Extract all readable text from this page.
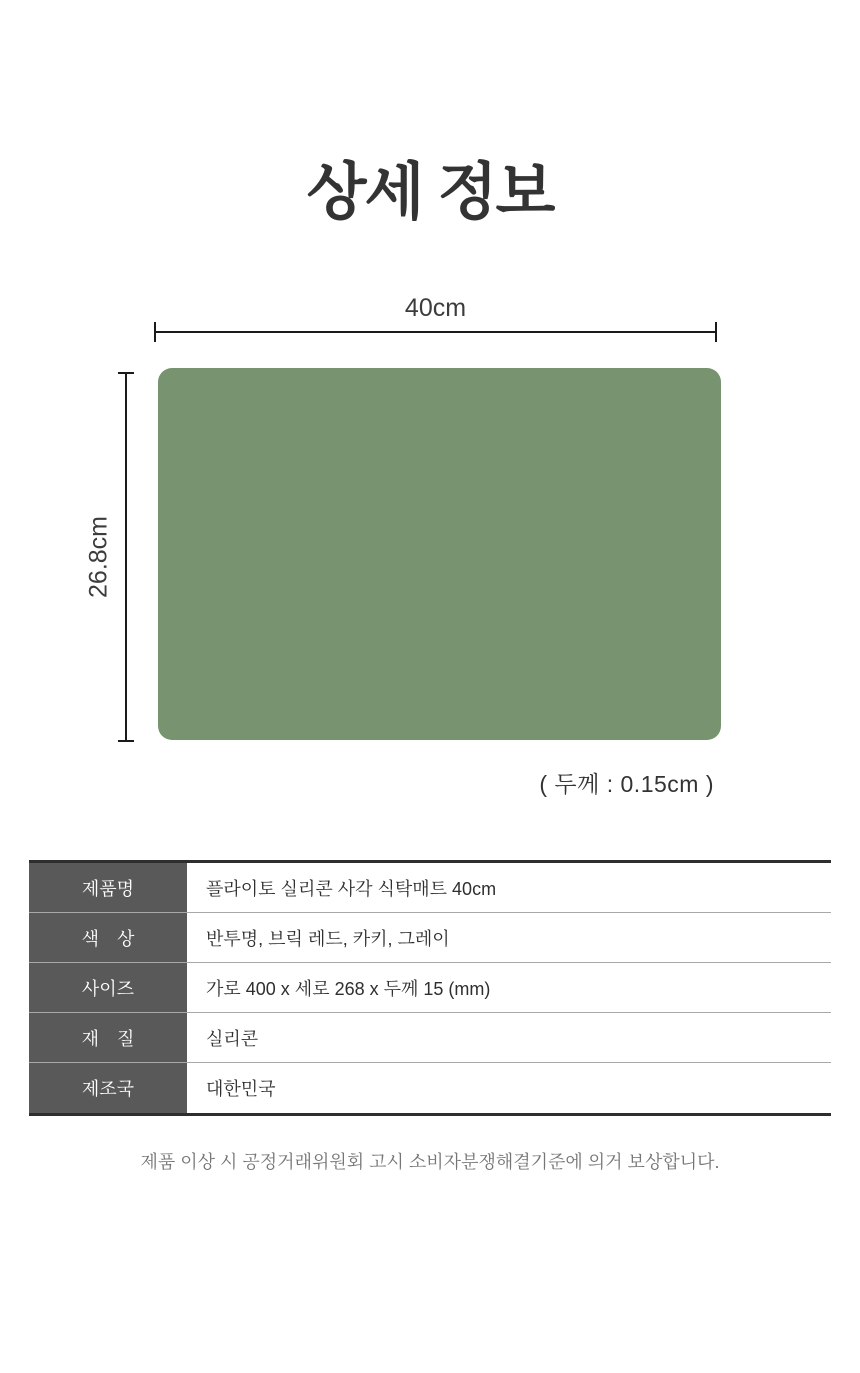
상세 정보
40cm
26.8cm
( 두께 : 0.15cm )
제품명	플라이토 실리콘 사각 식탁매트 40cm
색　상	반투명, 브릭 레드, 카키, 그레이
사이즈	가로 400 x 세로 268 x 두께 15 (mm)
재　질	실리콘
제조국	대한민국
제품 이상 시 공정거래위원회 고시 소비자분쟁해결기준에 의거 보상합니다.
